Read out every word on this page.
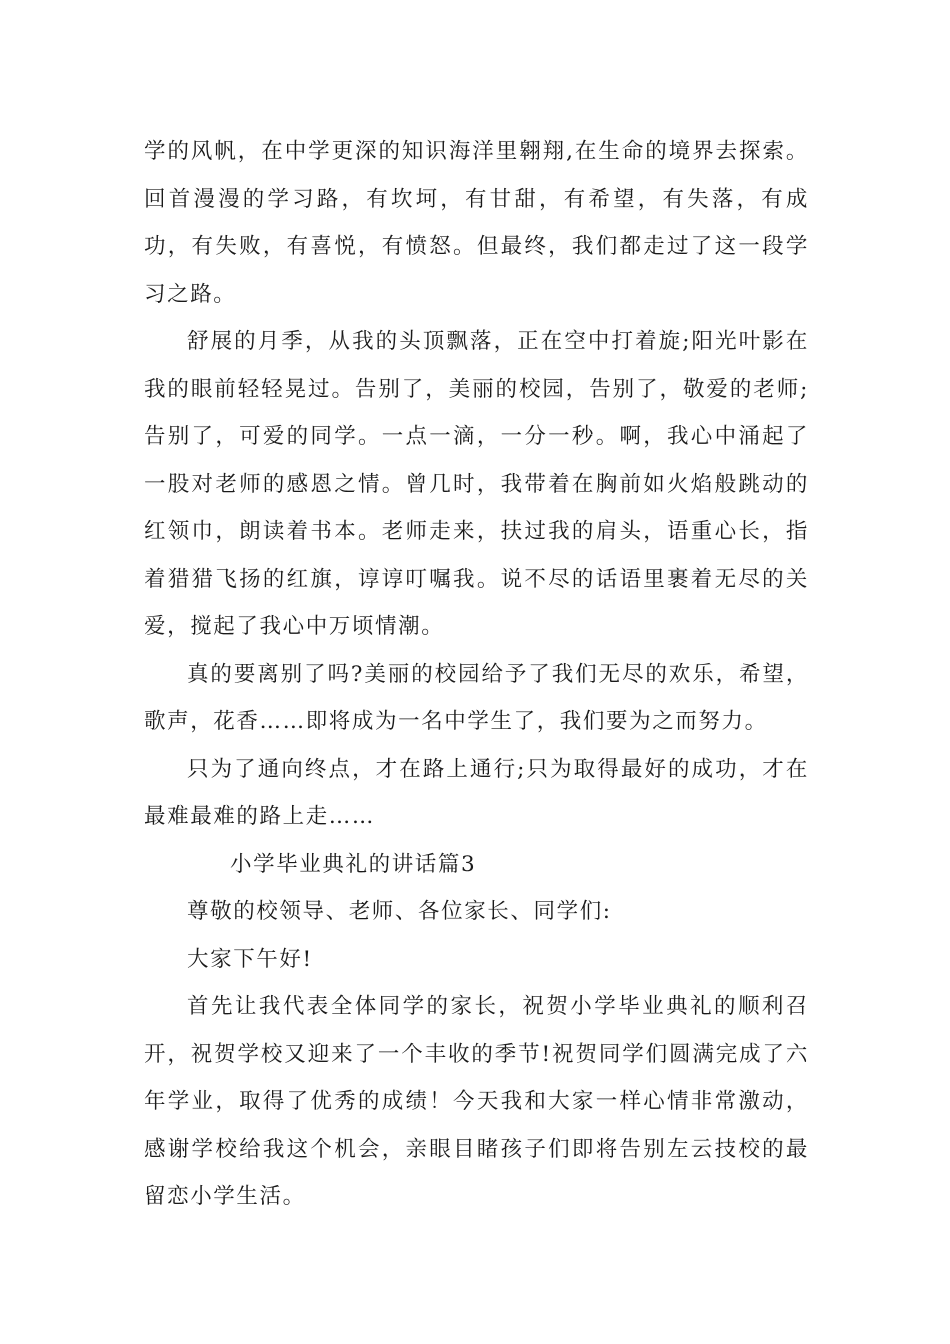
学的风帆，在中学更深的知识海洋里翱翔,在生命的境界去探索。回首漫漫的学习路，有坎坷，有甘甜，有希望，有失落，有成功，有失败，有喜悦，有愤怒。但最终，我们都走过了这一段学习之路。

舒展的月季，从我的头顶飘落，正在空中打着旋;阳光叶影在我的眼前轻轻晃过。告别了，美丽的校园，告别了，敬爱的老师;告别了，可爱的同学。一点一滴，一分一秒。啊，我心中涌起了一股对老师的感恩之情。曾几时，我带着在胸前如火焰般跳动的红领巾，朗读着书本。老师走来，扶过我的肩头，语重心长，指着猎猎飞扬的红旗，谆谆叮嘱我。说不尽的话语里裹着无尽的关爱，搅起了我心中万顷情潮。

真的要离别了吗?美丽的校园给予了我们无尽的欢乐，希望，歌声，花香……即将成为一名中学生了，我们要为之而努力。

只为了通向终点，才在路上通行;只为取得最好的成功，才在最难最难的路上走……

小学毕业典礼的讲话篇3

尊敬的校领导、老师、各位家长、同学们:

大家下午好!

首先让我代表全体同学的家长，祝贺小学毕业典礼的顺利召开，祝贺学校又迎来了一个丰收的季节!祝贺同学们圆满完成了六年学业，取得了优秀的成绩！今天我和大家一样心情非常激动，感谢学校给我这个机会，亲眼目睹孩子们即将告别左云技校的最留恋小学生活。
